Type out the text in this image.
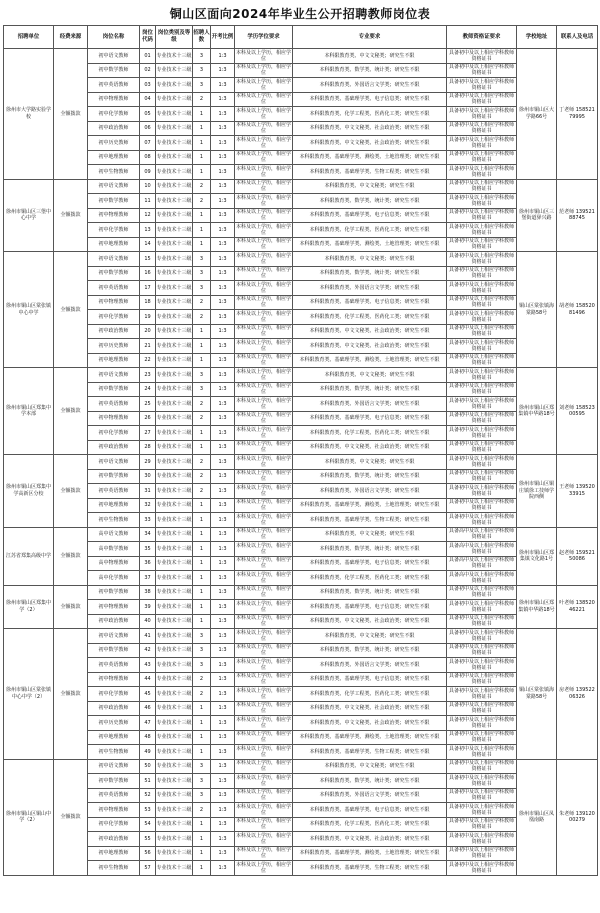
铜山区面向2024年毕业生公开招聘教师岗位表
招聘单位	经费来源	岗位名称	岗位代码	岗位类别及等级	招聘人数	开考比例	学历学位要求	专业要求	教师资格证要求	学校地址	联系人及电话
徐州市大学路实验学校	全额拨款	初中语文教师	01	专业技术十三级	3	1:3	本科及以上学历，相应学位	本科限教育类、中文文秘类；研究生不限	具备初中及以上相应学科教师资格证书	徐州市铜山区大学路66号	丁老师 15852179995
		初中数学教师	02	专业技术十三级	3	1:3	本科及以上学历，相应学位	本科限教育类、数学类、统计类；研究生不限	具备初中及以上相应学科教师资格证书		
		初中英语教师	03	专业技术十三级	3	1:3	本科及以上学历，相应学位	本科限教育类、外国语言文学类；研究生不限	具备初中及以上相应学科教师资格证书		
		初中物理教师	04	专业技术十三级	2	1:3	本科及以上学历，相应学位	本科限教育类、基础理学类、电子信息类；研究生不限	具备初中及以上相应学科教师资格证书		
		初中化学教师	05	专业技术十三级	1	1:3	本科及以上学历，相应学位	本科限教育类、化学工程类、医药化工类；研究生不限	具备初中及以上相应学科教师资格证书		
		初中政治教师	06	专业技术十三级	1	1:3	本科及以上学历，相应学位	本科限教育类、中文文秘类、社会政治类；研究生不限	具备初中及以上相应学科教师资格证书		
		初中历史教师	07	专业技术十三级	1	1:3	本科及以上学历，相应学位	本科限教育类、中文文秘类、社会政治类；研究生不限	具备初中及以上相应学科教师资格证书		
		初中地理教师	08	专业技术十三级	1	1:3	本科及以上学历，相应学位	本科限教育类、基础理学类、测绘类、土地管理类；研究生不限	具备初中及以上相应学科教师资格证书		
		初中生物教师	09	专业技术十三级	1	1:3	本科及以上学历，相应学位	本科限教育类、基础理学类、生物工程类；研究生不限	具备初中及以上相应学科教师资格证书		
徐州市铜山区三堡中心中学	全额拨款	初中语文教师	10	专业技术十三级	2	1:3	本科及以上学历，相应学位	本科限教育类、中文文秘类；研究生不限	具备初中及以上相应学科教师资格证书	徐州市铜山区三堡街道驿兴路	范老师 13952188745
		初中数学教师	11	专业技术十三级	2	1:3	本科及以上学历，相应学位	本科限教育类、数学类、统计类；研究生不限	具备初中及以上相应学科教师资格证书		
		初中物理教师	12	专业技术十三级	1	1:3	本科及以上学历，相应学位	本科限教育类、基础理学类、电子信息类；研究生不限	具备初中及以上相应学科教师资格证书		
		初中化学教师	13	专业技术十三级	1	1:3	本科及以上学历，相应学位	本科限教育类、化学工程类、医药化工类；研究生不限	具备初中及以上相应学科教师资格证书		
		初中地理教师	14	专业技术十三级	1	1:3	本科及以上学历，相应学位	本科限教育类、基础理学类、测绘类、土地管理类；研究生不限	具备初中及以上相应学科教师资格证书		
徐州市铜山区棠张镇中心中学	全额拨款	初中语文教师	15	专业技术十三级	3	1:3	本科及以上学历，相应学位	本科限教育类、中文文秘类；研究生不限	具备初中及以上相应学科教师资格证书	铜山区棠张镇海棠路58号	胡老师 15852081496
		初中数学教师	16	专业技术十三级	3	1:3	本科及以上学历，相应学位	本科限教育类、数学类、统计类；研究生不限	具备初中及以上相应学科教师资格证书		
		初中英语教师	17	专业技术十三级	3	1:3	本科及以上学历，相应学位	本科限教育类、外国语言文学类；研究生不限	具备初中及以上相应学科教师资格证书		
		初中物理教师	18	专业技术十三级	2	1:3	本科及以上学历，相应学位	本科限教育类、基础理学类、电子信息类；研究生不限	具备初中及以上相应学科教师资格证书		
		初中化学教师	19	专业技术十三级	2	1:3	本科及以上学历，相应学位	本科限教育类、化学工程类、医药化工类；研究生不限	具备初中及以上相应学科教师资格证书		
		初中政治教师	20	专业技术十三级	1	1:3	本科及以上学历，相应学位	本科限教育类、中文文秘类、社会政治类；研究生不限	具备初中及以上相应学科教师资格证书		
		初中历史教师	21	专业技术十三级	1	1:3	本科及以上学历，相应学位	本科限教育类、中文文秘类、社会政治类；研究生不限	具备初中及以上相应学科教师资格证书		
		初中地理教师	22	专业技术十三级	1	1:3	本科及以上学历，相应学位	本科限教育类、基础理学类、测绘类、土地管理类；研究生不限	具备初中及以上相应学科教师资格证书		
徐州市铜山区郑集中学本部	全额拨款	初中语文教师	23	专业技术十三级	3	1:3	本科及以上学历，相应学位	本科限教育类、中文文秘类；研究生不限	具备初中及以上相应学科教师资格证书	徐州市铜山区郑集镇中华路18号	刘老师 15852300595
		初中数学教师	24	专业技术十三级	3	1:3	本科及以上学历，相应学位	本科限教育类、数学类、统计类；研究生不限	具备初中及以上相应学科教师资格证书		
		初中英语教师	25	专业技术十三级	2	1:3	本科及以上学历，相应学位	本科限教育类、外国语言文学类；研究生不限	具备初中及以上相应学科教师资格证书		
		初中物理教师	26	专业技术十三级	2	1:3	本科及以上学历，相应学位	本科限教育类、基础理学类、电子信息类；研究生不限	具备初中及以上相应学科教师资格证书		
		初中化学教师	27	专业技术十三级	1	1:3	本科及以上学历，相应学位	本科限教育类、化学工程类、医药化工类；研究生不限	具备初中及以上相应学科教师资格证书		
		初中政治教师	28	专业技术十三级	1	1:3	本科及以上学历，相应学位	本科限教育类、中文文秘类、社会政治类；研究生不限	具备初中及以上相应学科教师资格证书		
徐州市铜山区郑集中学高新区分校	全额拨款	初中语文教师	29	专业技术十三级	2	1:3	本科及以上学历，相应学位	本科限教育类、中文文秘类；研究生不限	具备初中及以上相应学科教师资格证书	徐州市铜山区铜庄镇徐工技师学院西侧	王老师 13952033915
		初中数学教师	30	专业技术十三级	2	1:3	本科及以上学历，相应学位	本科限教育类、数学类、统计类；研究生不限	具备初中及以上相应学科教师资格证书		
		初中英语教师	31	专业技术十三级	2	1:3	本科及以上学历，相应学位	本科限教育类、外国语言文学类；研究生不限	具备初中及以上相应学科教师资格证书		
		初中地理教师	32	专业技术十三级	1	1:3	本科及以上学历，相应学位	本科限教育类、基础理学类、测绘类、土地管理类；研究生不限	具备初中及以上相应学科教师资格证书		
		初中生物教师	33	专业技术十三级	1	1:3	本科及以上学历，相应学位	本科限教育类、基础理学类、生物工程类；研究生不限	具备初中及以上相应学科教师资格证书		
江苏省郑集高级中学	全额拨款	高中语文教师	34	专业技术十三级	1	1:3	本科及以上学历，相应学位	本科限教育类、中文文秘类；研究生不限	具备高中及以上相应学科教师资格证书	徐州市铜山区郑集镇文化路1号	赵老师 15952150086
		高中数学教师	35	专业技术十三级	1	1:3	本科及以上学历，相应学位	本科限教育类、数学类、统计类；研究生不限	具备高中及以上相应学科教师资格证书		
		高中物理教师	36	专业技术十三级	1	1:3	本科及以上学历，相应学位	本科限教育类、基础理学类、电子信息类；研究生不限	具备高中及以上相应学科教师资格证书		
		高中化学教师	37	专业技术十三级	1	1:3	本科及以上学历，相应学位	本科限教育类、化学工程类、医药化工类；研究生不限	具备高中及以上相应学科教师资格证书		
徐州市铜山区郑集中学（2）	全额拨款	初中数学教师	38	专业技术十三级	1	1:3	本科及以上学历，相应学位	本科限教育类、数学类、统计类；研究生不限	具备初中及以上相应学科教师资格证书	徐州市铜山区郑集镇中华路18号	叶老师 13852046221
		初中物理教师	39	专业技术十三级	1	1:3	本科及以上学历，相应学位	本科限教育类、基础理学类、电子信息类；研究生不限	具备初中及以上相应学科教师资格证书		
		初中政治教师	40	专业技术十三级	1	1:3	本科及以上学历，相应学位	本科限教育类、中文文秘类、社会政治类；研究生不限	具备初中及以上相应学科教师资格证书		
徐州市铜山区棠张镇中心中学（2）	全额拨款	初中语文教师	41	专业技术十三级	3	1:3	本科及以上学历，相应学位	本科限教育类、中文文秘类；研究生不限	具备初中及以上相应学科教师资格证书	铜山区棠张镇海棠路58号	房老师 13952206326
		初中数学教师	42	专业技术十三级	3	1:3	本科及以上学历，相应学位	本科限教育类、数学类、统计类；研究生不限	具备初中及以上相应学科教师资格证书		
		初中英语教师	43	专业技术十三级	3	1:3	本科及以上学历，相应学位	本科限教育类、外国语言文学类；研究生不限	具备初中及以上相应学科教师资格证书		
		初中物理教师	44	专业技术十三级	2	1:3	本科及以上学历，相应学位	本科限教育类、基础理学类、电子信息类；研究生不限	具备初中及以上相应学科教师资格证书		
		初中化学教师	45	专业技术十三级	2	1:3	本科及以上学历，相应学位	本科限教育类、化学工程类、医药化工类；研究生不限	具备初中及以上相应学科教师资格证书		
		初中政治教师	46	专业技术十三级	1	1:3	本科及以上学历，相应学位	本科限教育类、中文文秘类、社会政治类；研究生不限	具备初中及以上相应学科教师资格证书		
		初中历史教师	47	专业技术十三级	1	1:3	本科及以上学历，相应学位	本科限教育类、中文文秘类、社会政治类；研究生不限	具备初中及以上相应学科教师资格证书		
		初中地理教师	48	专业技术十三级	1	1:3	本科及以上学历，相应学位	本科限教育类、基础理学类、测绘类、土地管理类；研究生不限	具备初中及以上相应学科教师资格证书		
		初中生物教师	49	专业技术十三级	1	1:3	本科及以上学历，相应学位	本科限教育类、基础理学类、生物工程类；研究生不限	具备初中及以上相应学科教师资格证书		
徐州市铜山区铜山中学（2）	全额拨款	初中语文教师	50	专业技术十三级	3	1:3	本科及以上学历，相应学位	本科限教育类、中文文秘类；研究生不限	具备初中及以上相应学科教师资格证书	徐州市铜山区凤凰南路	朱老师 13912000279
		初中数学教师	51	专业技术十三级	3	1:3	本科及以上学历，相应学位	本科限教育类、数学类、统计类；研究生不限	具备初中及以上相应学科教师资格证书		
		初中英语教师	52	专业技术十三级	3	1:3	本科及以上学历，相应学位	本科限教育类、外国语言文学类；研究生不限	具备初中及以上相应学科教师资格证书		
		初中物理教师	53	专业技术十三级	2	1:3	本科及以上学历，相应学位	本科限教育类、基础理学类、电子信息类；研究生不限	具备初中及以上相应学科教师资格证书		
		初中化学教师	54	专业技术十三级	1	1:3	本科及以上学历，相应学位	本科限教育类、化学工程类、医药化工类；研究生不限	具备初中及以上相应学科教师资格证书		
		初中政治教师	55	专业技术十三级	1	1:3	本科及以上学历，相应学位	本科限教育类、中文文秘类、社会政治类；研究生不限	具备初中及以上相应学科教师资格证书		
		初中地理教师	56	专业技术十三级	1	1:3	本科及以上学历，相应学位	本科限教育类、基础理学类、测绘类、土地管理类；研究生不限	具备初中及以上相应学科教师资格证书		
		初中生物教师	57	专业技术十三级	1	1:3	本科及以上学历，相应学位	本科限教育类、基础理学类、生物工程类；研究生不限	具备初中及以上相应学科教师资格证书		
